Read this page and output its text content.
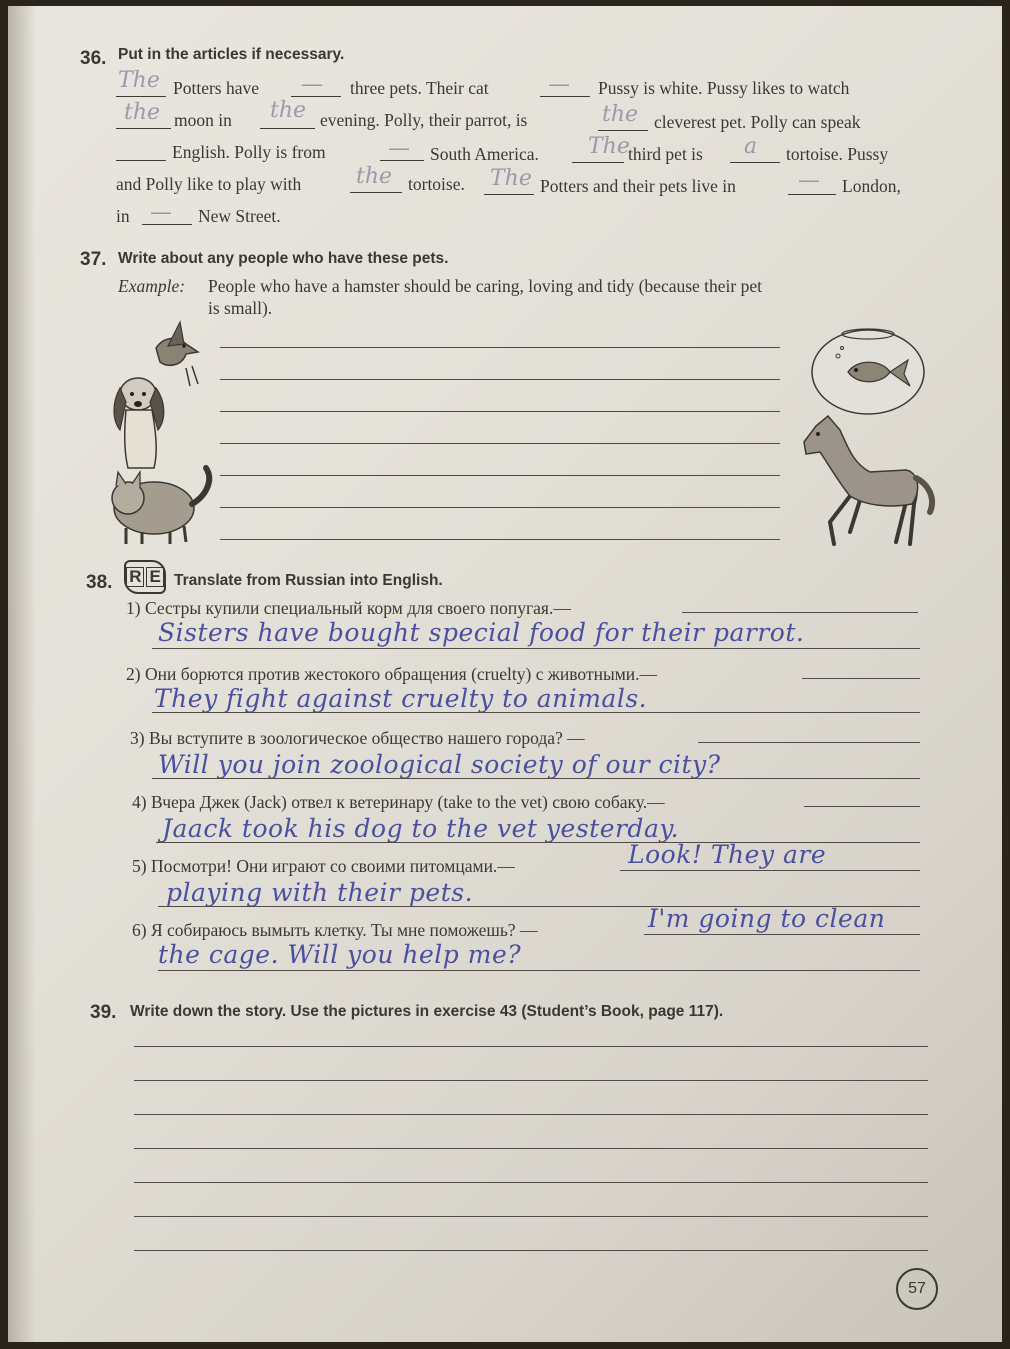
36. Put in the articles if necessary.
The Potters have — three pets. Their cat	— Pussy is white. Pussy likes to watch
the moon in the evening. Polly, their parrot, is	the cleverest pet. Polly can speak
English. Polly is from	— South America. The
third pet is a tortoise. Pussy
and Polly like to play with the tortoise. The Potters and their pets live in	— London,
in — New Street.
37. Write about any people who have these pets.
Example: People who have a hamster should be caring, loving and tidy (because their pet
is small).
38. R E Translate from Russian into English.
1) Сестры купили специальный корм для своего попугая.—
Sisters have bought special food for their parrot.
2) Они борются против жестокого обращения (cruelty) с животными.—
They fight against cruelty to animals.
3) Вы вступите в зоологическое общество нашего города? —
Will you join zoological society of our city?
4) Вчера Джек (Jack) отвел к ветеринару (take to the vet) свою собаку.—
Jaack took his dog to the vet yesterday.
5) Посмотри! Они играют со своими питомцами.—	Look! They are
playing with their pets.
6) Я собираюсь вымыть клетку. Ты мне поможешь? —	I'm going to clean
the cage. Will you help me?
39. Write down the story. Use the pictures in exercise 43 (Student’s Book, page 117).
57
